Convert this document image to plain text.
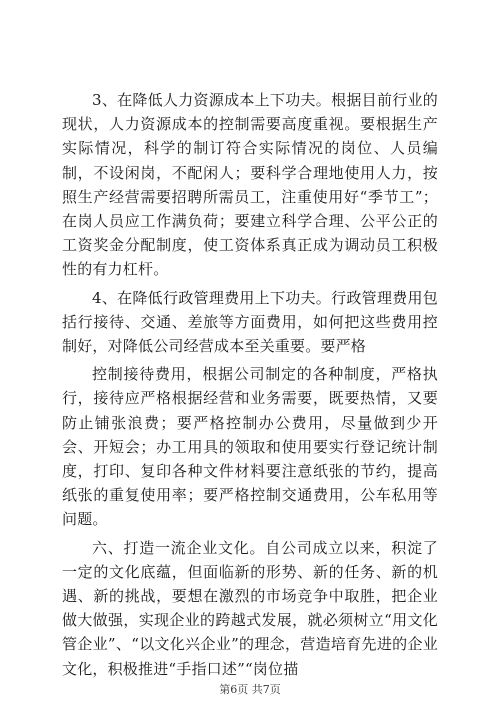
3、在降低人力资源成本上下功夫。根据目前行业的现状，人力资源成本的控制需要高度重视。要根据生产实际情况，科学的制订符合实际情况的岗位、人员编制，不设闲岗，不配闲人；要科学合理地使用人力，按照生产经营需要招聘所需员工，注重使用好“季节工”；在岗人员应工作满负荷；要建立科学合理、公平公正的工资奖金分配制度，使工资体系真正成为调动员工积极性的有力杠杆。

4、在降低行政管理费用上下功夫。行政管理费用包括行接待、交通、差旅等方面费用，如何把这些费用控制好，对降低公司经营成本至关重要。要严格

控制接待费用，根据公司制定的各种制度，严格执行，接待应严格根据经营和业务需要，既要热情，又要防止铺张浪费；要严格控制办公费用，尽量做到少开会、开短会；办工用具的领取和使用要实行登记统计制度，打印、复印各种文件材料要注意纸张的节约，提高纸张的重复使用率；要严格控制交通费用，公车私用等问题。

六、打造一流企业文化。自公司成立以来，积淀了一定的文化底蕴，但面临新的形势、新的任务、新的机遇、新的挑战，要想在激烈的市场竞争中取胜，把企业做大做强，实现企业的跨越式发展，就必须树立“用文化管企业”、“以文化兴企业”的理念，营造培育先进的企业文化，积极推进“手指口述”“岗位描

第6页 共7页
